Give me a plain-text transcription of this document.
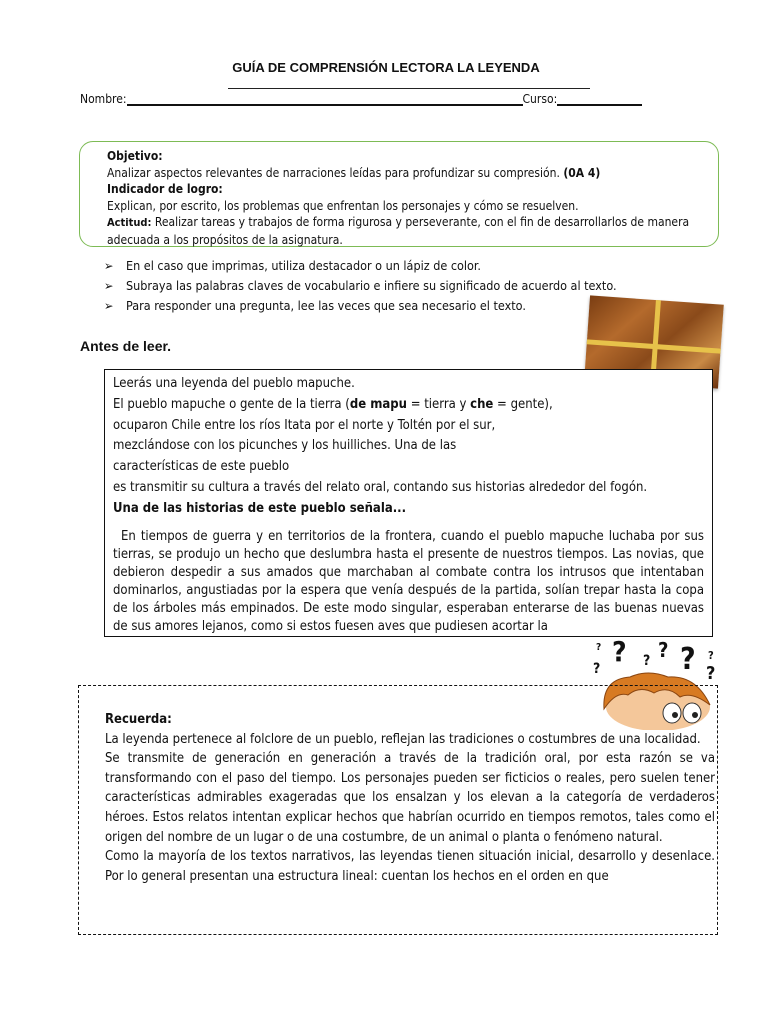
GUÍA DE COMPRENSIÓN LECTORA LA LEYENDA
Nombre:	Curso:
Objetivo:
Analizar aspectos relevantes de narraciones leídas para profundizar su compresión. (0A 4)
Indicador de logro:
Explican, por escrito, los problemas que enfrentan los personajes y cómo se resuelven.
Actitud: Realizar tareas y trabajos de forma rigurosa y perseverante, con el fin de desarrollarlos de manera adecuada a los propósitos de la asignatura.
➢ En el caso que imprimas, utiliza destacador o un lápiz de color.
➢ Subraya las palabras claves de vocabulario e infiere su significado de acuerdo al texto.
➢ Para responder una pregunta, lee las veces que sea necesario el texto.
Antes de leer.

Leerás una leyenda del pueblo mapuche.

El pueblo mapuche o gente de la tierra (de mapu = tierra y che = gente),

ocuparon Chile entre los ríos Itata por el norte y Toltén por el sur,

mezclándose con los picunches y los huilliches. Una de las

características de este pueblo

es transmitir su cultura a través del relato oral, contando sus historias alrededor del fogón.

Una de las historias de este pueblo señala...

En tiempos de guerra y en territorios de la frontera, cuando el pueblo mapuche luchaba por sus tierras, se produjo un hecho que deslumbra hasta el presente de nuestros tiempos. Las novias, que debieron despedir a sus amados que marchaban al combate contra los intrusos que intentaban dominarlos, angustiadas por la espera que venía después de la partida, solían trepar hasta la copa de los árboles más empinados. De este modo singular, esperaban enterarse de las buenas nuevas de sus amores lejanos, como si estos fuesen aves que pudiesen acortar la

? ? ? ? ?
?
?
?

Recuerda:

La leyenda pertenece al folclore de un pueblo, reflejan las tradiciones o costumbres de una localidad.

Se transmite de generación en generación a través de la tradición oral, por esta razón se va transformando con el paso del tiempo. Los personajes pueden ser ficticios o reales, pero suelen tener características admirables exageradas que los ensalzan y los elevan a la categoría de verdaderos héroes. Estos relatos intentan explicar hechos que habrían ocurrido en tiempos remotos, tales como el origen del nombre de un lugar o de una costumbre, de un animal o planta o fenómeno natural.

Como la mayoría de los textos narrativos, las leyendas tienen situación inicial, desarrollo y desenlace. Por lo general presentan una estructura lineal: cuentan los hechos en el orden en que
